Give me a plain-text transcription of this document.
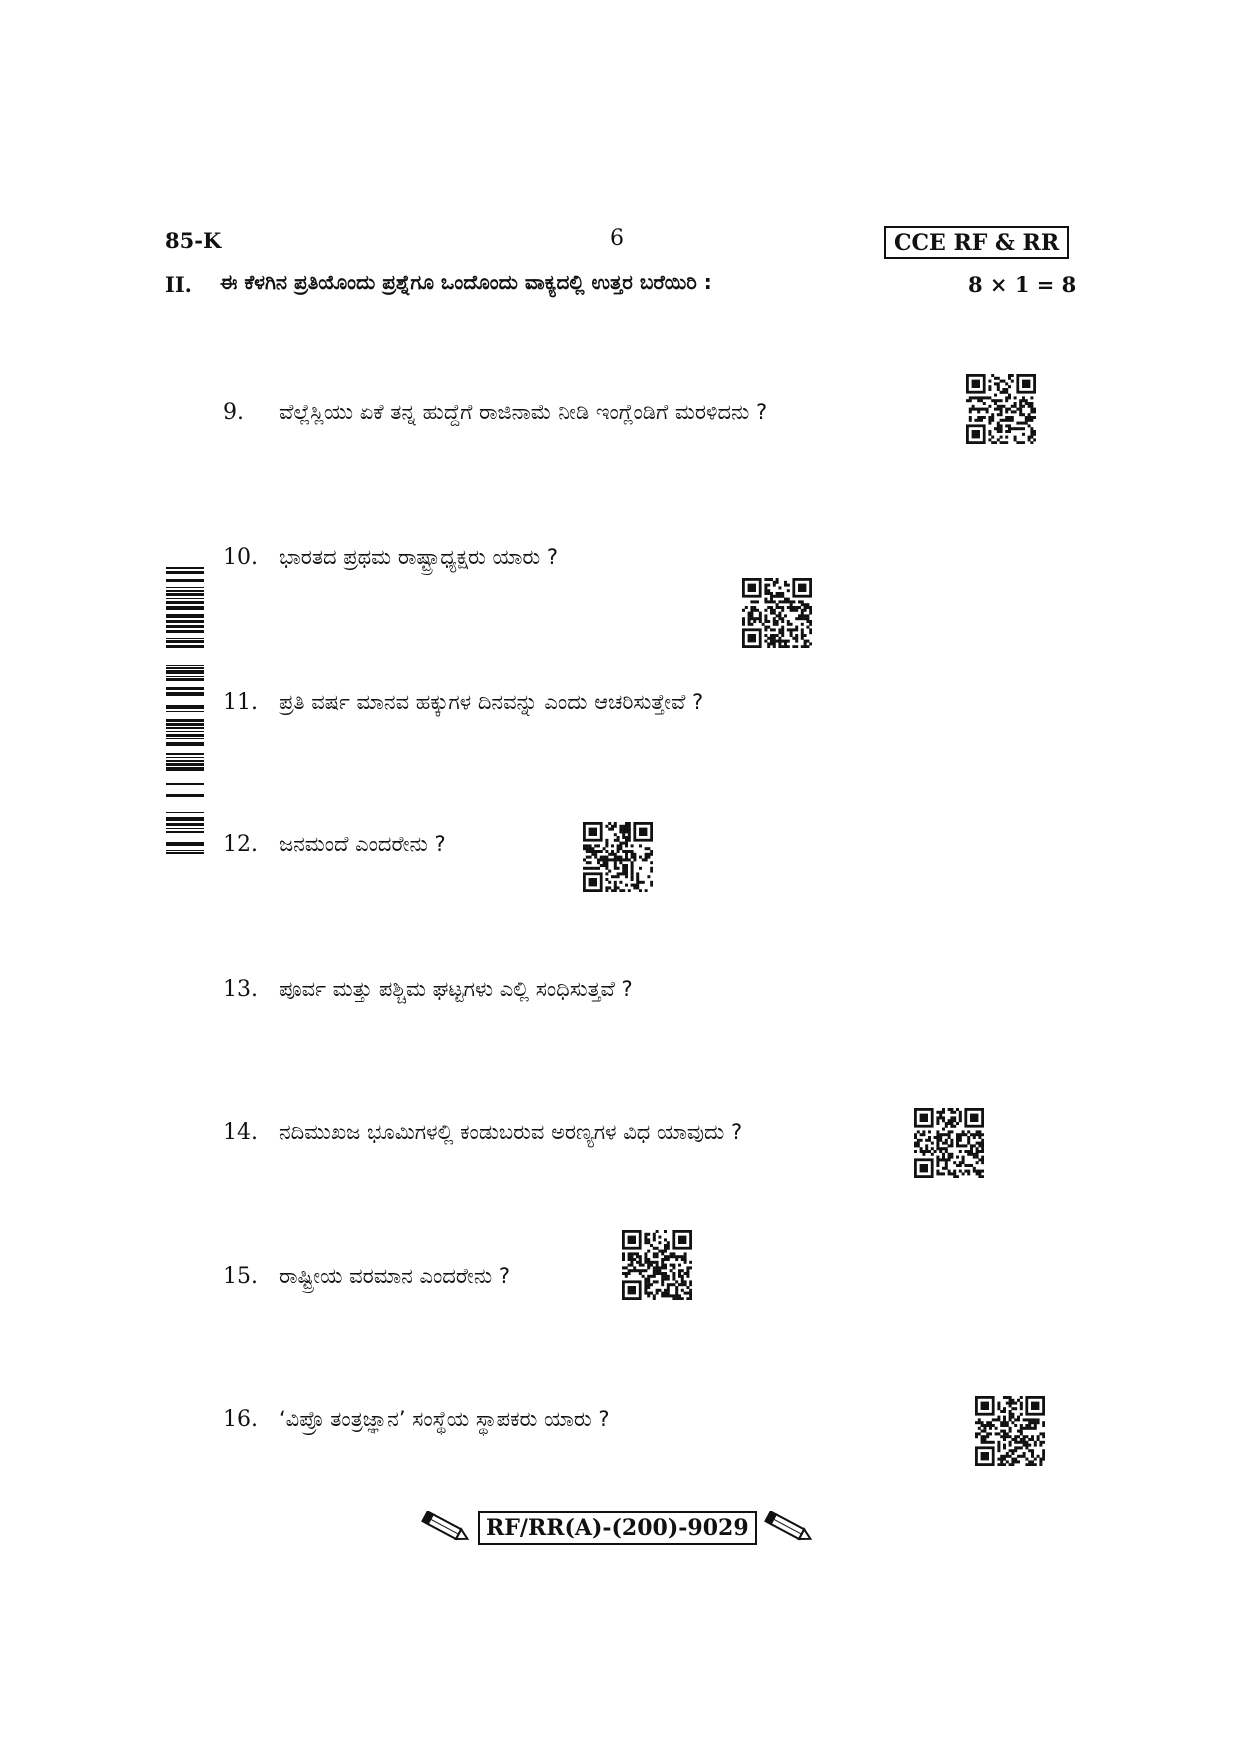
85-K	6	CCE RF & RR
II. ಈ ಕೆಳಗಿನ ಪ್ರತಿಯೊಂದು ಪ್ರಶ್ನೆಗೂ ಒಂದೊಂದು ವಾಕ್ಯದಲ್ಲಿ ಉತ್ತರ ಬರೆಯಿರಿ :	8 × 1 = 8
9. ವೆಲ್ಲೆಸ್ಲಿಯು ಏಕೆ ತನ್ನ ಹುದ್ದೆಗೆ ರಾಜಿನಾಮೆ ನೀಡಿ ಇಂಗ್ಲೆಂಡಿಗೆ ಮರಳಿದನು ?
10. ಭಾರತದ ಪ್ರಥಮ ರಾಷ್ಟ್ರಾಧ್ಯಕ್ಷರು ಯಾರು ?
11. ಪ್ರತಿ ವರ್ಷ ಮಾನವ ಹಕ್ಕುಗಳ ದಿನವನ್ನು ಎಂದು ಆಚರಿಸುತ್ತೇವೆ ?
12. ಜನಮಂದೆ ಎಂದರೇನು ?
13. ಪೂರ್ವ ಮತ್ತು ಪಶ್ಚಿಮ ಘಟ್ಟಗಳು ಎಲ್ಲಿ ಸಂಧಿಸುತ್ತವೆ ?
14. ನದಿಮುಖಜ ಭೂಮಿಗಳಲ್ಲಿ ಕಂಡುಬರುವ ಅರಣ್ಯಗಳ ವಿಧ ಯಾವುದು ?
15. ರಾಷ್ಟ್ರೀಯ ವರಮಾನ ಎಂದರೇನು ?
16. ‘ವಿಪ್ರೊ ತಂತ್ರಜ್ಞಾನ’ ಸಂಸ್ಥೆಯ ಸ್ಥಾಪಕರು ಯಾರು ?
RF/RR(A)-(200)-9029
